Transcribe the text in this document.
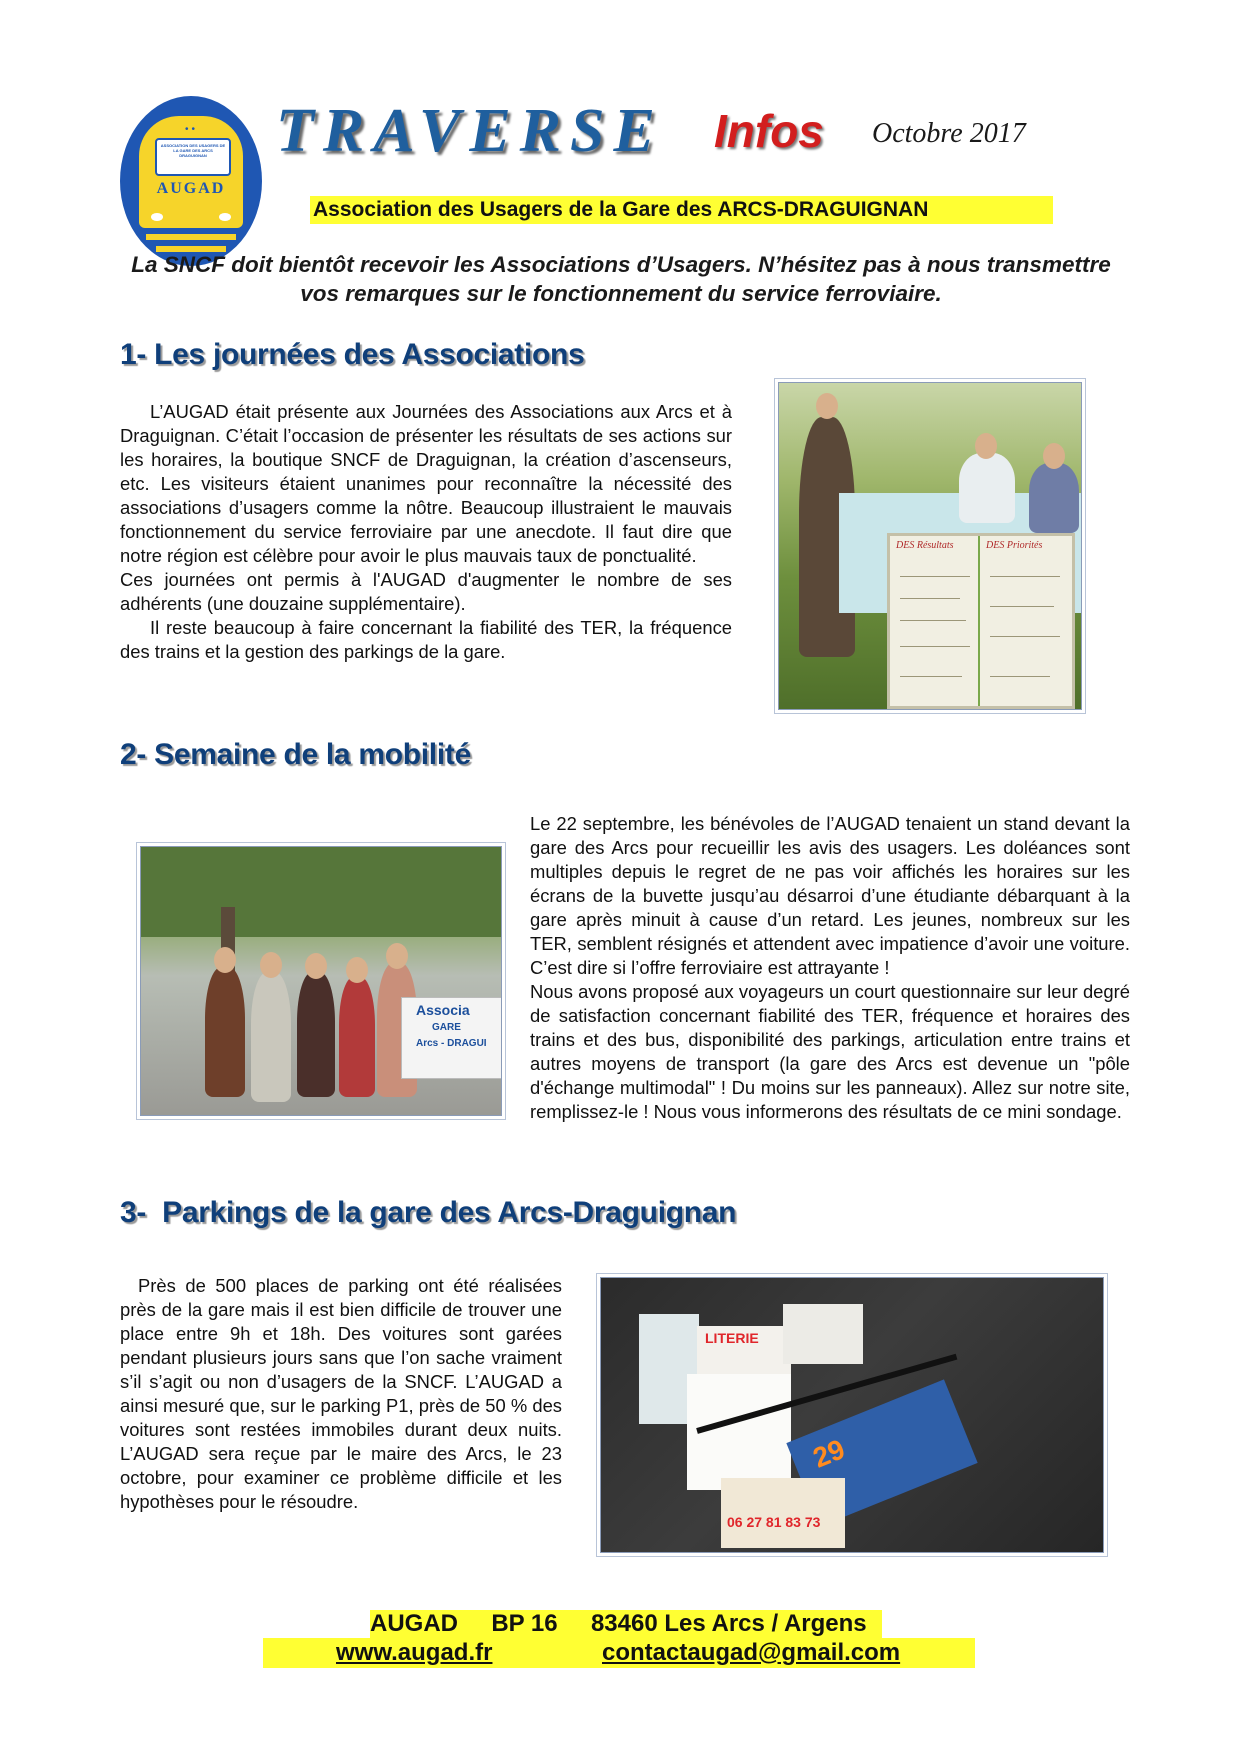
••
ASSOCIATION DES USAGERS DE LA GARE DES ARCS DRAGUIGNAN
AUGAD
TRAVERSE Infos Octobre 2017
Association des Usagers de la Gare des ARCS-DRAGUIGNAN
La SNCF doit bientôt recevoir les Associations d’Usagers. N’hésitez pas à nous transmettre vos remarques sur le fonctionnement du service ferroviaire.
1- Les journées des Associations

L’AUGAD était présente aux Journées des Associations aux Arcs et à Draguignan. C’était l’occasion de présenter les résultats de ses actions sur les horaires, la boutique SNCF de Draguignan, la création d’ascenseurs, etc. Les visiteurs étaient unanimes pour reconnaître la nécessité des associations d’usagers comme la nôtre. Beaucoup illustraient le mauvais fonctionnement du service ferroviaire par une anecdote. Il faut dire que notre région est célèbre pour avoir le plus mauvais taux de ponctualité.

Ces journées ont permis à l'AUGAD d'augmenter le nombre de ses adhérents (une douzaine supplémentaire).

Il reste beaucoup à faire concernant la fiabilité des TER, la fréquence des trains et la gestion des parkings de la gare.

DES Résultats	DES Priorités
2- Semaine de la mobilité
Associa
GARE
Arcs - DRAGUI

Le 22 septembre, les bénévoles de l’AUGAD tenaient un stand devant la gare des Arcs pour recueillir les avis des usagers. Les doléances sont multiples depuis le regret de ne pas voir affichés les horaires sur les écrans de la buvette jusqu’au désarroi d’une étudiante débarquant à la gare après minuit à cause d’un retard. Les jeunes, nombreux sur les TER, semblent résignés et attendent avec impatience d’avoir une voiture. C’est dire si l’offre ferroviaire est attrayante !

Nous avons proposé aux voyageurs un court questionnaire sur leur degré de satisfaction concernant fiabilité des TER, fréquence et horaires des trains et des bus, disponibilité des parkings, articulation entre trains et autres moyens de transport (la gare des Arcs est devenue un "pôle d'échange multimodal" ! Du moins sur les panneaux). Allez sur notre site, remplissez-le ! Nous vous informerons des résultats de ce mini sondage.

3-  Parkings de la gare des Arcs-Draguignan

Près de 500 places de parking ont été réalisées près de la gare mais il est bien difficile de trouver une place entre 9h et 18h. Des voitures sont garées pendant plusieurs jours sans que l’on sache vraiment s’il s’agit ou non d’usagers de la SNCF. L’AUGAD a ainsi mesuré que, sur le parking P1, près de 50 % des voitures sont restées immobiles durant deux nuits. L’AUGAD sera reçue par le maire des Arcs, le 23 octobre, pour examiner ce problème difficile et les hypothèses pour le résoudre.

LITERIE
29
06 27 81 83 73
AUGAD     BP 16     83460 Les Arcs / Argens
www.augad.fr	contactaugad@gmail.com
